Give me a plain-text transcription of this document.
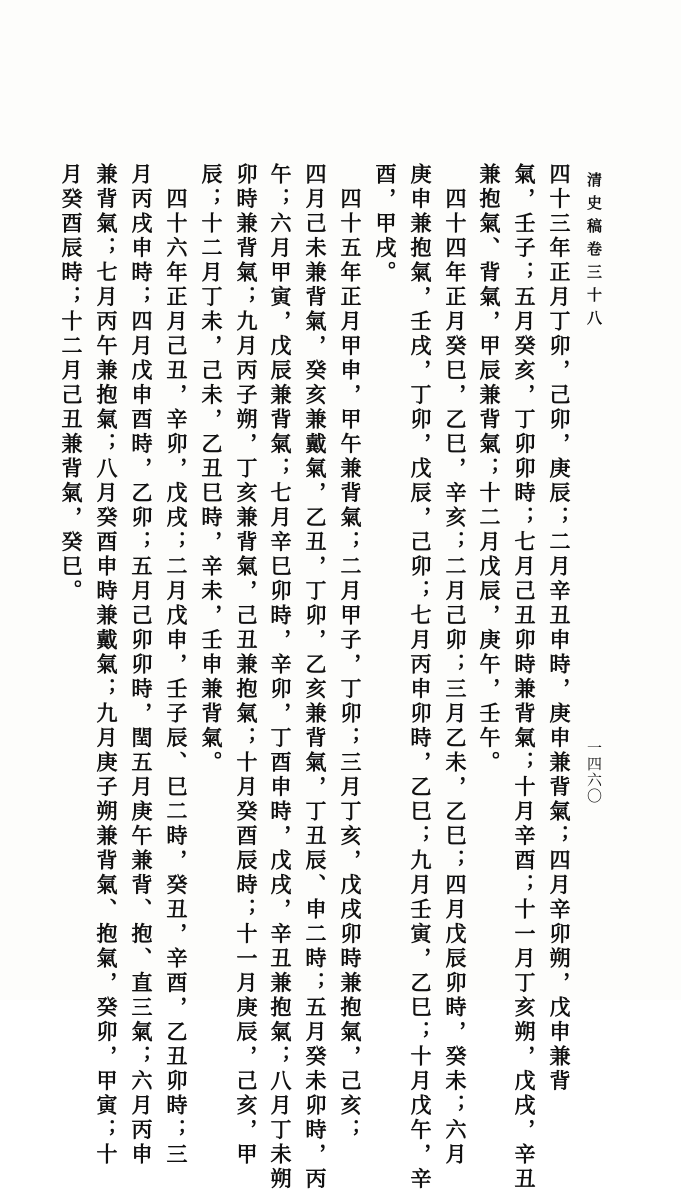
清史稿卷三十八
一四六〇
四十三年正月丁卯，己卯，庚辰；二月辛丑申時，庚申兼背氣；四月辛卯朔，戊申兼背
氣，壬子；五月癸亥，丁卯卯時；七月己丑卯時兼背氣；十月辛酉；十一月丁亥朔，戊戌，辛丑
兼抱氣、背氣，甲辰兼背氣；十二月戊辰，庚午，壬午。
　四十四年正月癸巳，乙巳，辛亥；二月己卯；三月乙未，乙巳；四月戊辰卯時，癸未；六月
庚申兼抱氣，壬戌，丁卯，戊辰，己卯；七月丙申卯時，乙巳；九月壬寅，乙巳；十月戊午，辛
酉，甲戌。
　四十五年正月甲申，甲午兼背氣；二月甲子，丁卯；三月丁亥，戊戌卯時兼抱氣，己亥；
四月己未兼背氣，癸亥兼戴氣，乙丑，丁卯，乙亥兼背氣，丁丑辰、申二時；五月癸未卯時，丙
午；六月甲寅，戊辰兼背氣；七月辛巳卯時，辛卯，丁酉申時，戊戌，辛丑兼抱氣；八月丁未朔
卯時兼背氣；九月丙子朔，丁亥兼背氣，己丑兼抱氣；十月癸酉辰時；十一月庚辰，己亥，甲
辰；十二月丁未，己未，乙丑巳時，辛未，壬申兼背氣。
　四十六年正月己丑，辛卯，戊戌；二月戊申，壬子辰、巳二時，癸丑，辛酉，乙丑卯時；三
月丙戌申時；四月戊申酉時，乙卯；五月己卯卯時，閏五月庚午兼背、抱、直三氣；六月丙申
兼背氣；七月丙午兼抱氣；八月癸酉申時兼戴氣；九月庚子朔兼背氣、抱氣，癸卯，甲寅；十
月癸酉辰時；十二月己丑兼背氣，癸巳。
